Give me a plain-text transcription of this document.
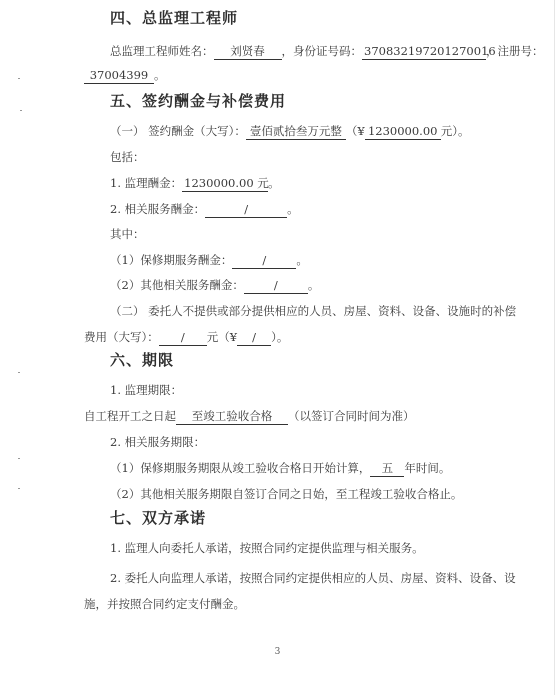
四、总监理工程师
总监理工程师姓名： 刘贤春 ，身份证号码： 370832197201270016，注册号：
37004399 。
五、签约酬金与补偿费用
（一） 签约酬金（大写）： 壹佰贰拾叁万元整 （¥ 1230000.00 元）。
包括：
1. 监理酬金： 1230000.00 元。
2. 相关服务酬金：	/	。
其中：
（1）保修期服务酬金：	/	。
（2）其他相关服务酬金：	/	。
（二） 委托人不提供或部分提供相应的人员、房屋、资料、设备、设施时的补偿
费用（大写）： / 元（¥ / ）。
六、期限
1. 监理期限：
自工程开工之日起 至竣工验收合格 （以签订合同时间为准）
2. 相关服务期限：
（1）保修期服务期限从竣工验收合格日开始计算， 五 年时间。
（2）其他相关服务期限自签订合同之日始，至工程竣工验收合格止。
七、双方承诺
1. 监理人向委托人承诺，按照合同约定提供监理与相关服务。
2. 委托人向监理人承诺，按照合同约定提供相应的人员、房屋、资料、设备、设
施，并按照合同约定支付酬金。
3
